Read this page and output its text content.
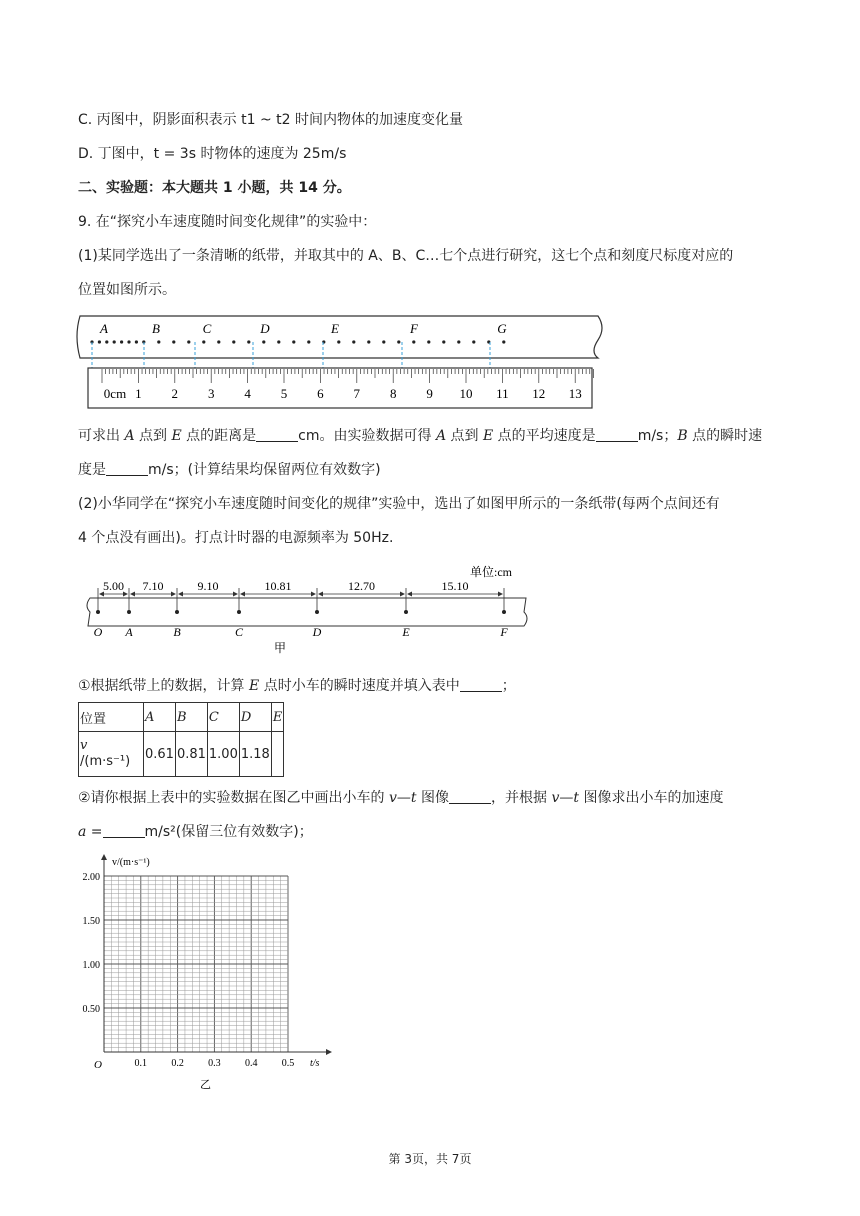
C. 丙图中，阴影面积表示 t1 ~ t2 时间内物体的加速度变化量
D. 丁图中，t = 3s 时物体的速度为 25m/s
二、实验题：本大题共 1 小题，共 14 分。
9. 在“探究小车速度随时间变化规律”的实验中：
(1)某同学选出了一条清晰的纸带，并取其中的 A、B、C…七个点进行研究，这七个点和刻度尺标度对应的
位置如图所示。
A	B	C	D	E	F	G
0cm 1 2 3 4 5 6 7 8 9 10 11 12 13
可求出 A 点到 E 点的距离是	cm。由实验数据可得 A 点到 E 点的平均速度是	m/s；B 点的瞬时速
度是	m/s；(计算结果均保留两位有效数字)
(2)小华同学在“探究小车速度随时间变化的规律”实验中，选出了如图甲所示的一条纸带(每两个点间还有
4 个点没有画出)。打点计时器的电源频率为 50Hz.
单位:cm
5.00 7.10	9.10	10.81	12.70	15.10
O A	B	C	D	E	F
甲
①根据纸带上的数据，计算 E 点时小车的瞬时速度并填入表中	；
位置	A	B	C	D	E
v
/(m·s⁻¹)	0.61	0.81	1.00	1.18	
②请你根据上表中的实验数据在图乙中画出小车的 v—t 图像	，并根据 v—t 图像求出小车的加速度
a =	m/s²(保留三位有效数字)；
v/(m·s⁻¹)
t/s
O
2.00
1.50
1.00
0.50
0.1 0.2 0.3 0.4 0.5
乙
第 3页，共 7页
